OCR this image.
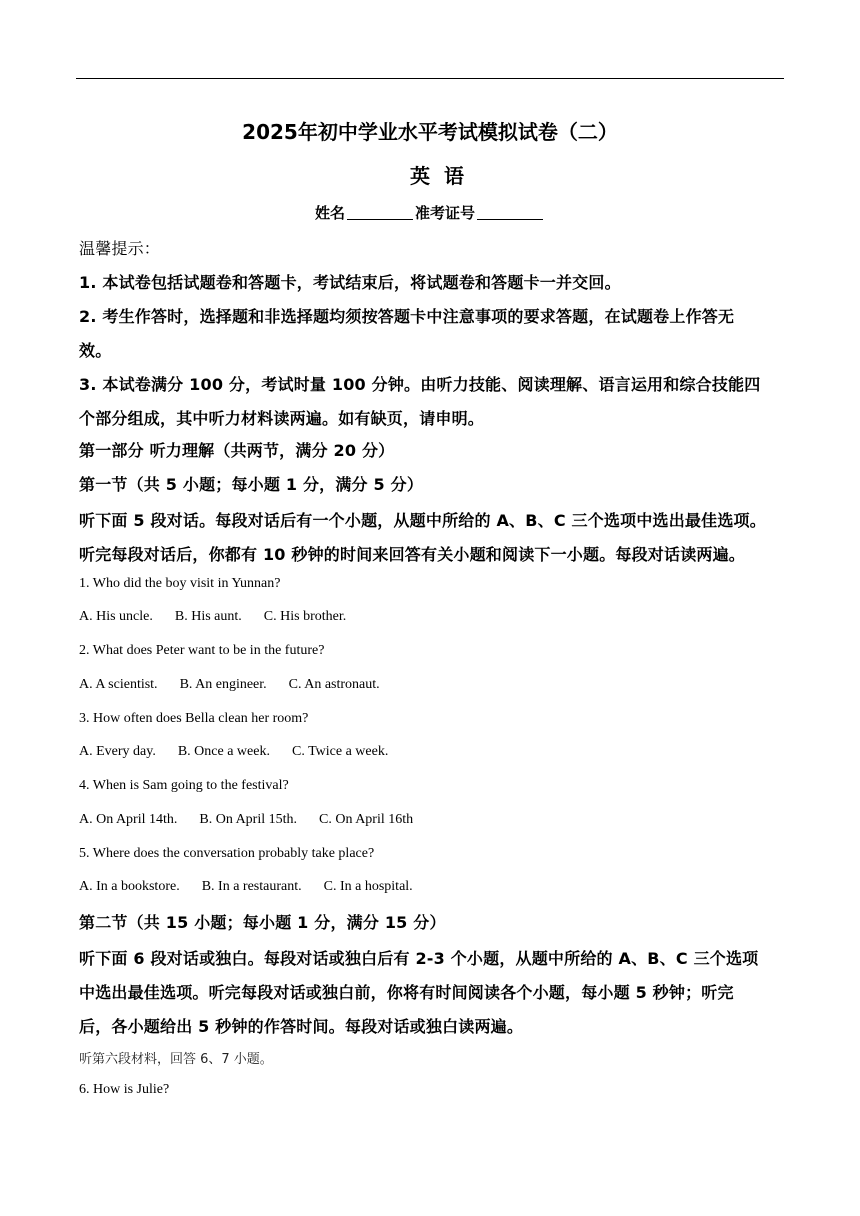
2025年初中学业水平考试模拟试卷（二）
英语
姓名	准考证号
温馨提示：
1. 本试卷包括试题卷和答题卡，考试结束后，将试题卷和答题卡一并交回。
2. 考生作答时，选择题和非选择题均须按答题卡中注意事项的要求答题，在试题卷上作答无
效。
3. 本试卷满分 100 分，考试时量 100 分钟。由听力技能、阅读理解、语言运用和综合技能四
个部分组成，其中听力材料读两遍。如有缺页，请申明。
第一部分 听力理解（共两节，满分 20 分）
第一节（共 5 小题；每小题 1 分，满分 5 分）
听下面 5 段对话。每段对话后有一个小题，从题中所给的 A、B、C 三个选项中选出最佳选项。
听完每段对话后，你都有 10 秒钟的时间来回答有关小题和阅读下一小题。每段对话读两遍。
1. Who did the boy visit in Yunnan?
A. His uncle. B. His aunt. C. His brother.
2. What does Peter want to be in the future?
A. A scientist. B. An engineer. C. An astronaut.
3. How often does Bella clean her room?
A. Every day. B. Once a week. C. Twice a week.
4. When is Sam going to the festival?
A. On April 14th. B. On April 15th. C. On April 16th
5. Where does the conversation probably take place?
A. In a bookstore. B. In a restaurant. C. In a hospital.
第二节（共 15 小题；每小题 1 分，满分 15 分）
听下面 6 段对话或独白。每段对话或独白后有 2-3 个小题，从题中所给的 A、B、C 三个选项
中选出最佳选项。听完每段对话或独白前，你将有时间阅读各个小题，每小题 5 秒钟；听完
后，各小题给出 5 秒钟的作答时间。每段对话或独白读两遍。
听第六段材料，回答 6、7 小题。
6. How is Julie?
